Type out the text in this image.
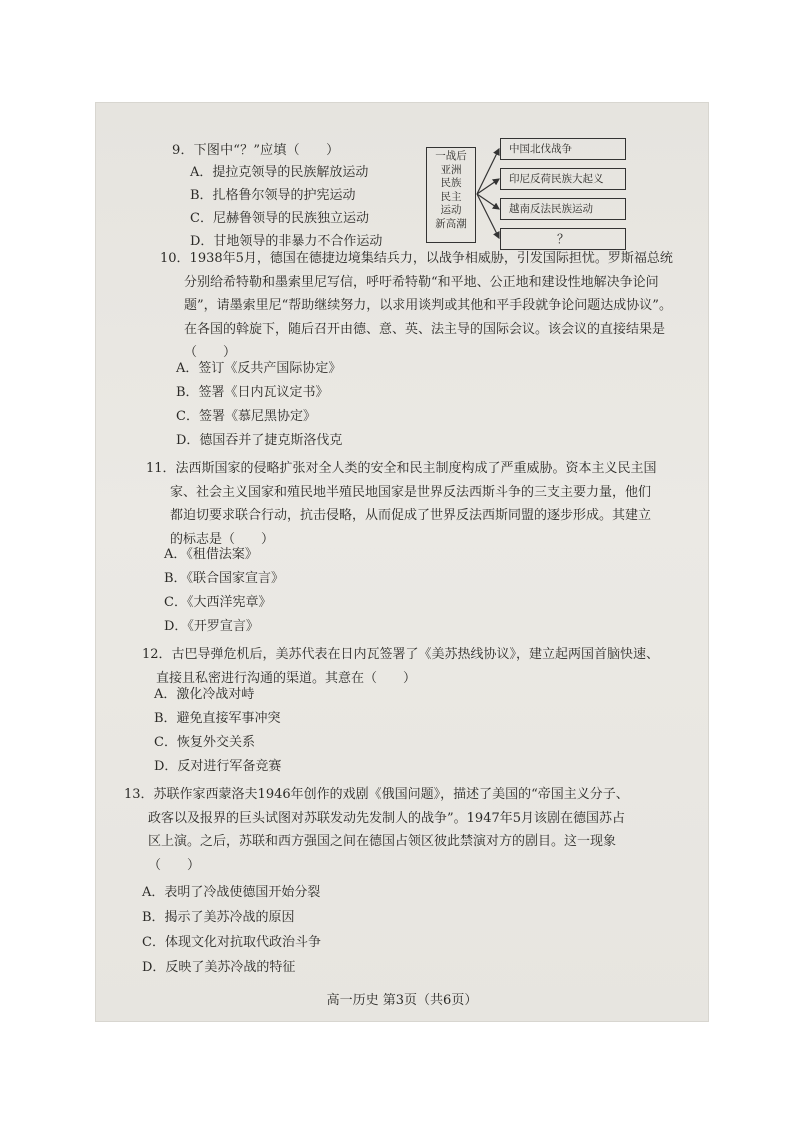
9．下图中“？”应填（　　）

A．提拉克领导的民族解放运动

B．扎格鲁尔领导的护宪运动

C．尼赫鲁领导的民族独立运动

D．甘地领导的非暴力不合作运动

一战后
亚洲
民族
民主
运动
新高潮
中国北伐战争
印尼反荷民族大起义
越南反法民族运动
？
10．1938年5月，德国在德捷边境集结兵力，以战争相威胁，引发国际担忧。罗斯福总统
分别给希特勒和墨索里尼写信，呼吁希特勒“和平地、公正地和建设性地解决争论问
题”，请墨索里尼“帮助继续努力，以求用谈判或其他和平手段就争论问题达成协议”。
在各国的斡旋下，随后召开由德、意、英、法主导的国际会议。该会议的直接结果是
（　　）

A．签订《反共产国际协定》

B．签署《日内瓦议定书》

C．签署《慕尼黑协定》

D．德国吞并了捷克斯洛伐克

11．法西斯国家的侵略扩张对全人类的安全和民主制度构成了严重威胁。资本主义民主国
家、社会主义国家和殖民地半殖民地国家是世界反法西斯斗争的三支主要力量，他们
都迫切要求联合行动，抗击侵略，从而促成了世界反法西斯同盟的逐步形成。其建立
的标志是（　　）

A．《租借法案》

B．《联合国家宣言》

C．《大西洋宪章》

D．《开罗宣言》

12．古巴导弹危机后，美苏代表在日内瓦签署了《美苏热线协议》，建立起两国首脑快速、
直接且私密进行沟通的渠道。其意在（　　）

A．激化冷战对峙

B．避免直接军事冲突

C．恢复外交关系

D．反对进行军备竞赛

13．苏联作家西蒙洛夫1946年创作的戏剧《俄国问题》，描述了美国的“帝国主义分子、
政客以及报界的巨头试图对苏联发动先发制人的战争”。1947年5月该剧在德国苏占
区上演。之后，苏联和西方强国之间在德国占领区彼此禁演对方的剧目。这一现象
（　　）

A．表明了冷战使德国开始分裂

B．揭示了美苏冷战的原因

C．体现文化对抗取代政治斗争

D．反映了美苏冷战的特征

高一历史 第3页（共6页）
